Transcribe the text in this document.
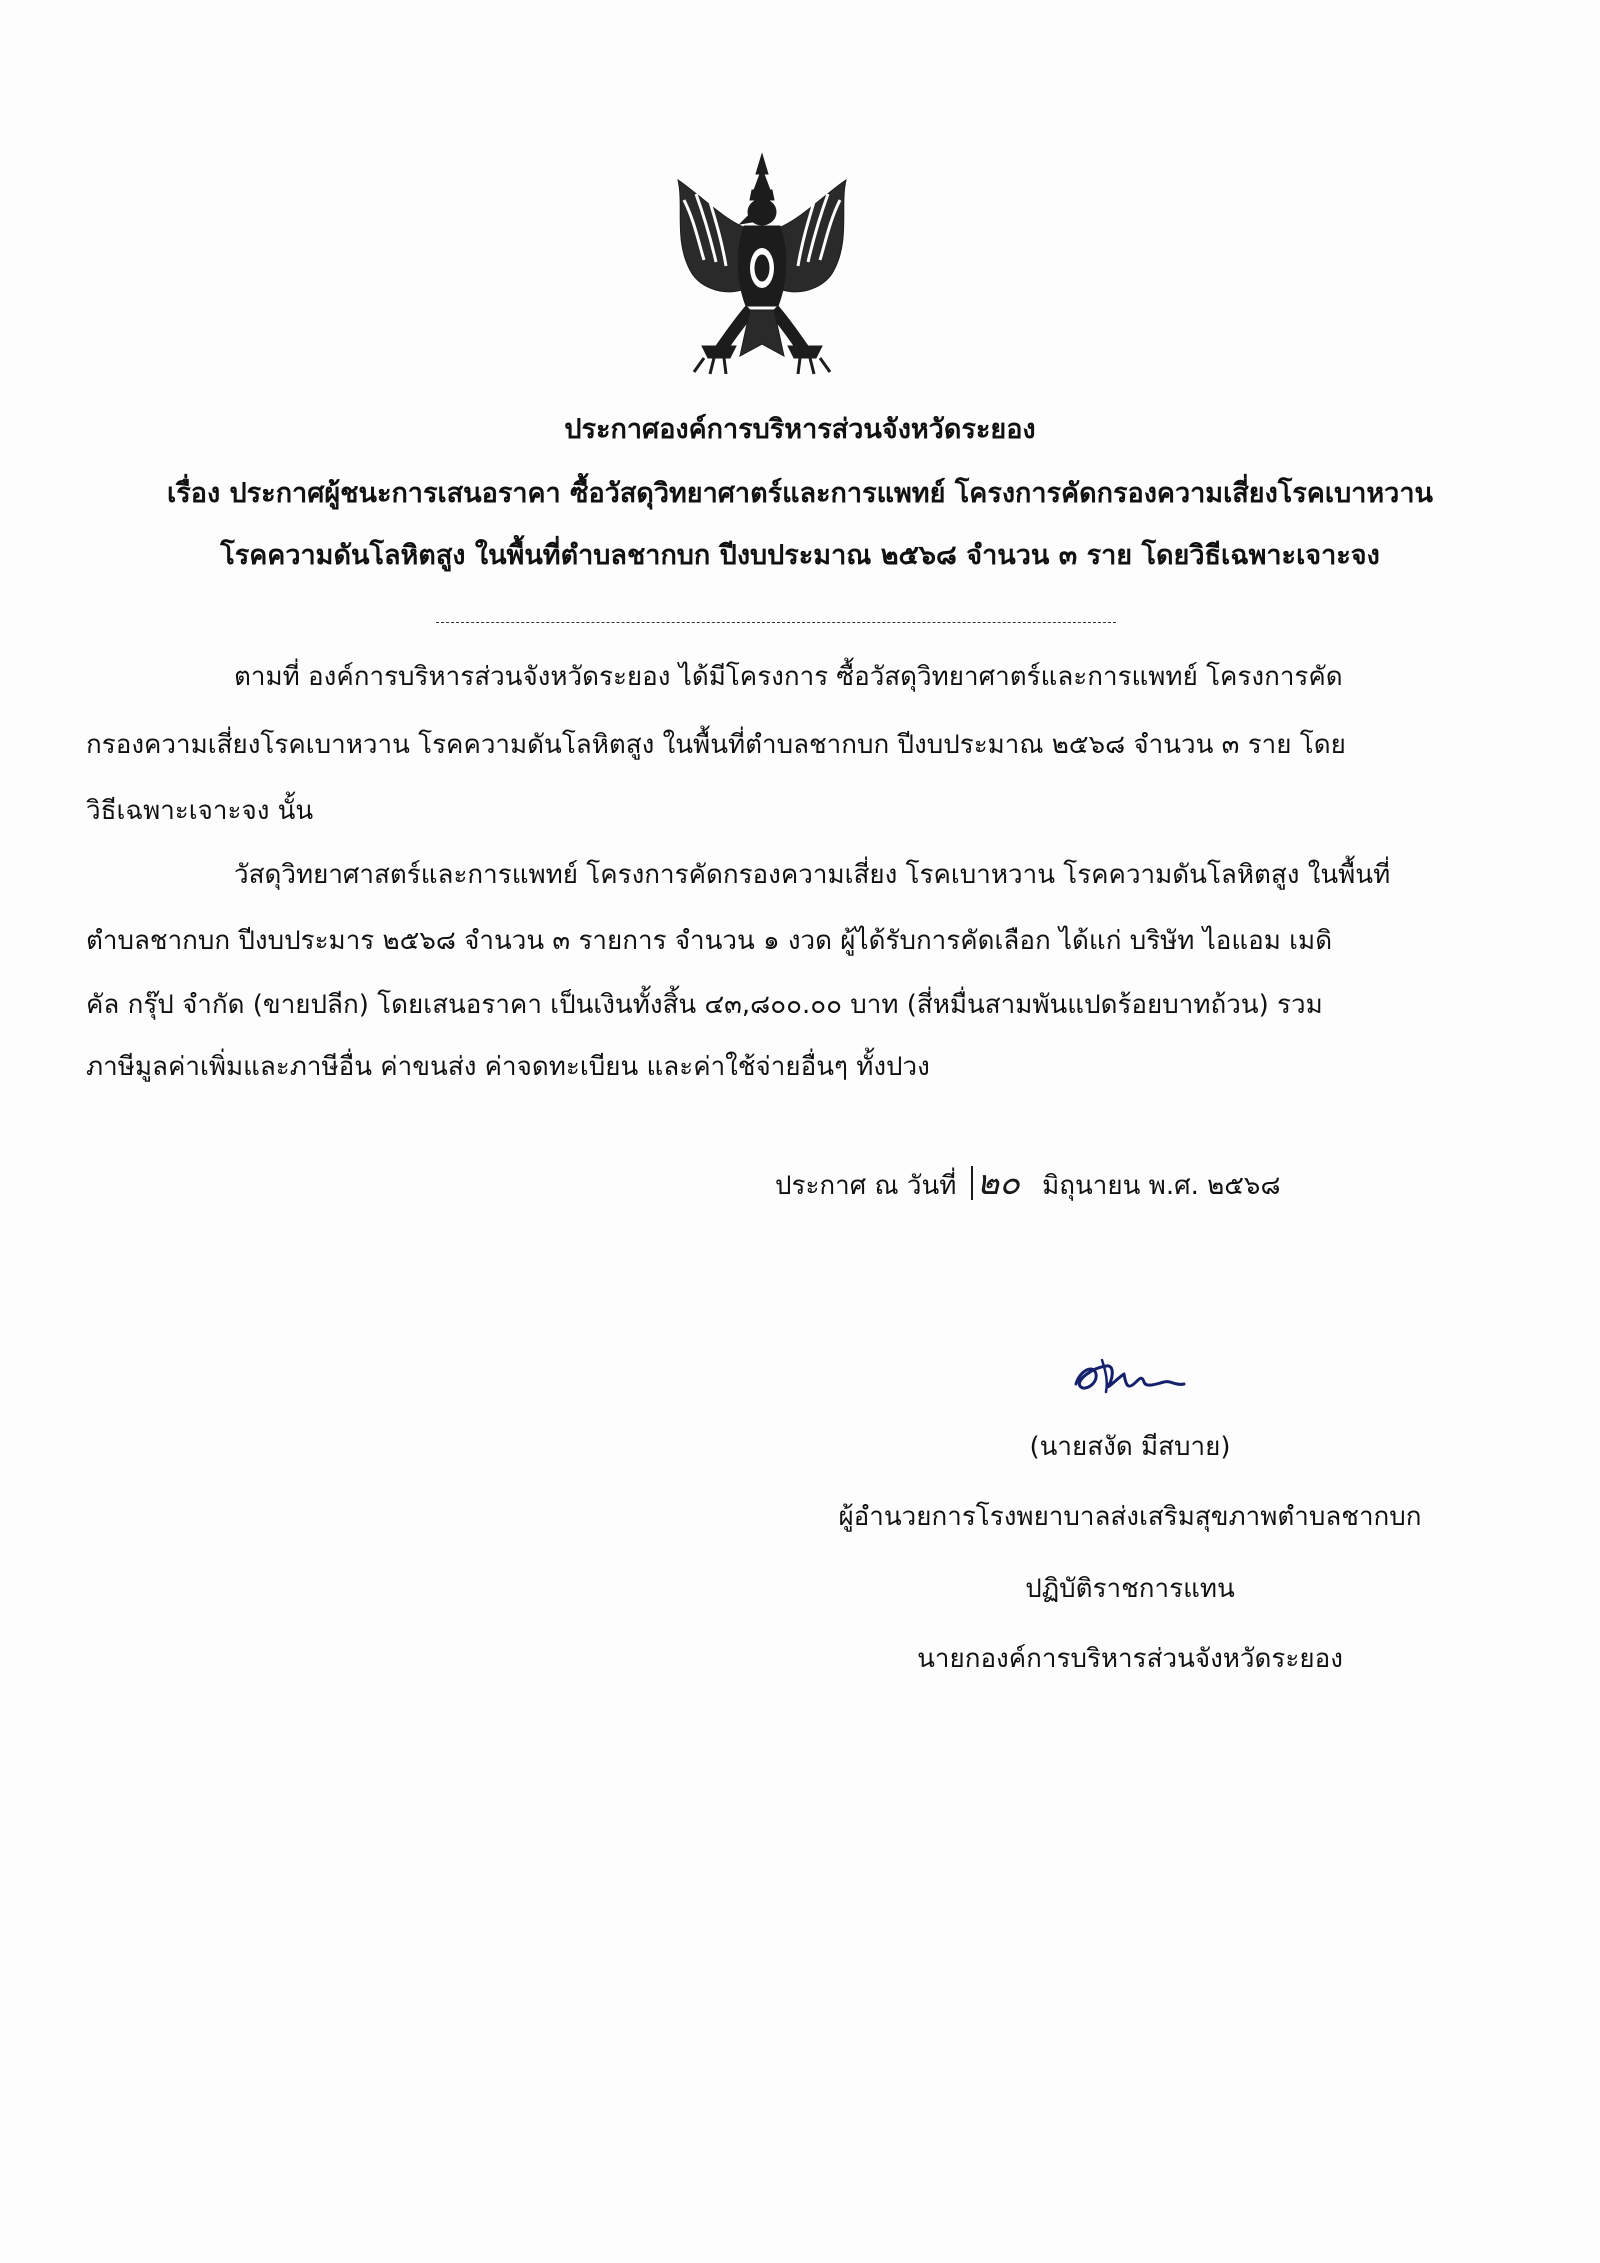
ประกาศองค์การบริหารส่วนจังหวัดระยอง
เรื่อง ประกาศผู้ชนะการเสนอราคา ซื้อวัสดุวิทยาศาตร์และการแพทย์ โครงการคัดกรองความเสี่ยงโรคเบาหวาน
โรคความดันโลหิตสูง ในพื้นที่ตำบลชากบก ปีงบประมาณ ๒๕๖๘ จำนวน ๓ ราย โดยวิธีเฉพาะเจาะจง
ตามที่ องค์การบริหารส่วนจังหวัดระยอง ได้มีโครงการ ซื้อวัสดุวิทยาศาตร์และการแพทย์ โครงการคัด
กรองความเสี่ยงโรคเบาหวาน โรคความดันโลหิตสูง ในพื้นที่ตำบลชากบก ปีงบประมาณ ๒๕๖๘ จำนวน ๓ ราย โดย
วิธีเฉพาะเจาะจง นั้น
วัสดุวิทยาศาสตร์และการแพทย์ โครงการคัดกรองความเสี่ยง โรคเบาหวาน โรคความดันโลหิตสูง ในพื้นที่
ตำบลชากบก ปีงบประมาร ๒๕๖๘ จำนวน ๓ รายการ จำนวน ๑ งวด ผู้ได้รับการคัดเลือก ได้แก่ บริษัท ไอแอม เมดิ
คัล กรุ๊ป จำกัด (ขายปลีก) โดยเสนอราคา เป็นเงินทั้งสิ้น ๔๓,๘๐๐.๐๐ บาท (สี่หมื่นสามพันแปดร้อยบาทถ้วน) รวม
ภาษีมูลค่าเพิ่มและภาษีอื่น ค่าขนส่ง ค่าจดทะเบียน และค่าใช้จ่ายอื่นๆ ทั้งปวง
ประกาศ ณ วันที่ ๒๐ มิถุนายน พ.ศ. ๒๕๖๘
(นายสงัด มีสบาย)
ผู้อำนวยการโรงพยาบาลส่งเสริมสุขภาพตำบลชากบก
ปฏิบัติราชการแทน
นายกองค์การบริหารส่วนจังหวัดระยอง
